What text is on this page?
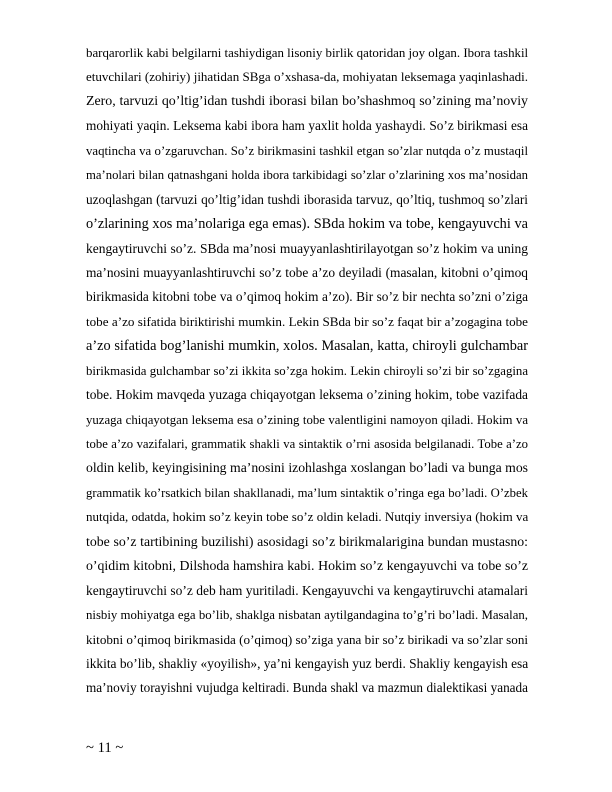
barqarorlik kabi belgilarni tashiydigan lisoniy birlik qatoridan joy olgan. Ibora tashkil
etuvchilari (zohiriy) jihatidan SBga o’xshasa-da, mohiyatan leksemaga yaqinlashadi.
Zero, tarvuzi qo’ltig’idan tushdi iborasi bilan bo’shashmoq so’zining ma’noviy
mohiyati yaqin. Leksema kabi ibora ham yaxlit holda yashaydi. So’z birikmasi esa
vaqtincha va o’zgaruvchan. So’z birikmasini tashkil etgan so’zlar nutqda o’z mustaqil
ma’nolari bilan qatnashgani holda ibora tarkibidagi so’zlar o’zlarining xos ma’nosidan
uzoqlashgan (tarvuzi qo’ltig’idan tushdi iborasida tarvuz, qo’ltiq, tushmoq so’zlari
o’zlarining xos ma’nolariga ega emas). SBda hokim va tobe, kengayuvchi va
kengaytiruvchi so’z. SBda ma’nosi muayyanlashtirilayotgan so’z hokim va uning
ma’nosini muayyanlashtiruvchi so’z tobe a’zo deyiladi (masalan, kitobni o’qimoq
birikmasida kitobni tobe va o’qimoq hokim a’zo). Bir so’z bir nechta so’zni o’ziga
tobe a’zo sifatida biriktirishi mumkin. Lekin SBda bir so’z faqat bir a’zogagina tobe
a’zo sifatida bog’lanishi mumkin, xolos. Masalan, katta, chiroyli gulchambar
birikmasida gulchambar so’zi ikkita so’zga hokim. Lekin chiroyli so’zi bir so’zgagina
tobe. Hokim mavqeda yuzaga chiqayotgan leksema o’zining hokim, tobe vazifada
yuzaga chiqayotgan leksema esa o’zining tobe valentligini namoyon qiladi. Hokim va
tobe a’zo vazifalari, grammatik shakli va sintaktik o’rni asosida belgilanadi. Tobe a’zo
oldin kelib, keyingisining ma’nosini izohlashga xoslangan bo’ladi va bunga mos
grammatik ko’rsatkich bilan shakllanadi, ma’lum sintaktik o’ringa ega bo’ladi. O’zbek
nutqida, odatda, hokim so’z keyin tobe so’z oldin keladi. Nutqiy inversiya (hokim va
tobe so’z tartibining buzilishi) asosidagi so’z birikmalarigina bundan mustasno:
o’qidim kitobni, Dilshoda hamshira kabi. Hokim so’z kengayuvchi va tobe so’z
kengaytiruvchi so’z deb ham yuritiladi. Kengayuvchi va kengaytiruvchi atamalari
nisbiy mohiyatga ega bo’lib, shaklga nisbatan aytilgandagina to’g’ri bo’ladi. Masalan,
kitobni o’qimoq birikmasida (o’qimoq) so’ziga yana bir so’z birikadi va so’zlar soni
ikkita bo’lib, shakliy «yoyilish», ya’ni kengayish yuz berdi. Shakliy kengayish esa
ma’noviy torayishni vujudga keltiradi. Bunda shakl va mazmun dialektikasi yanada
~ 11 ~
